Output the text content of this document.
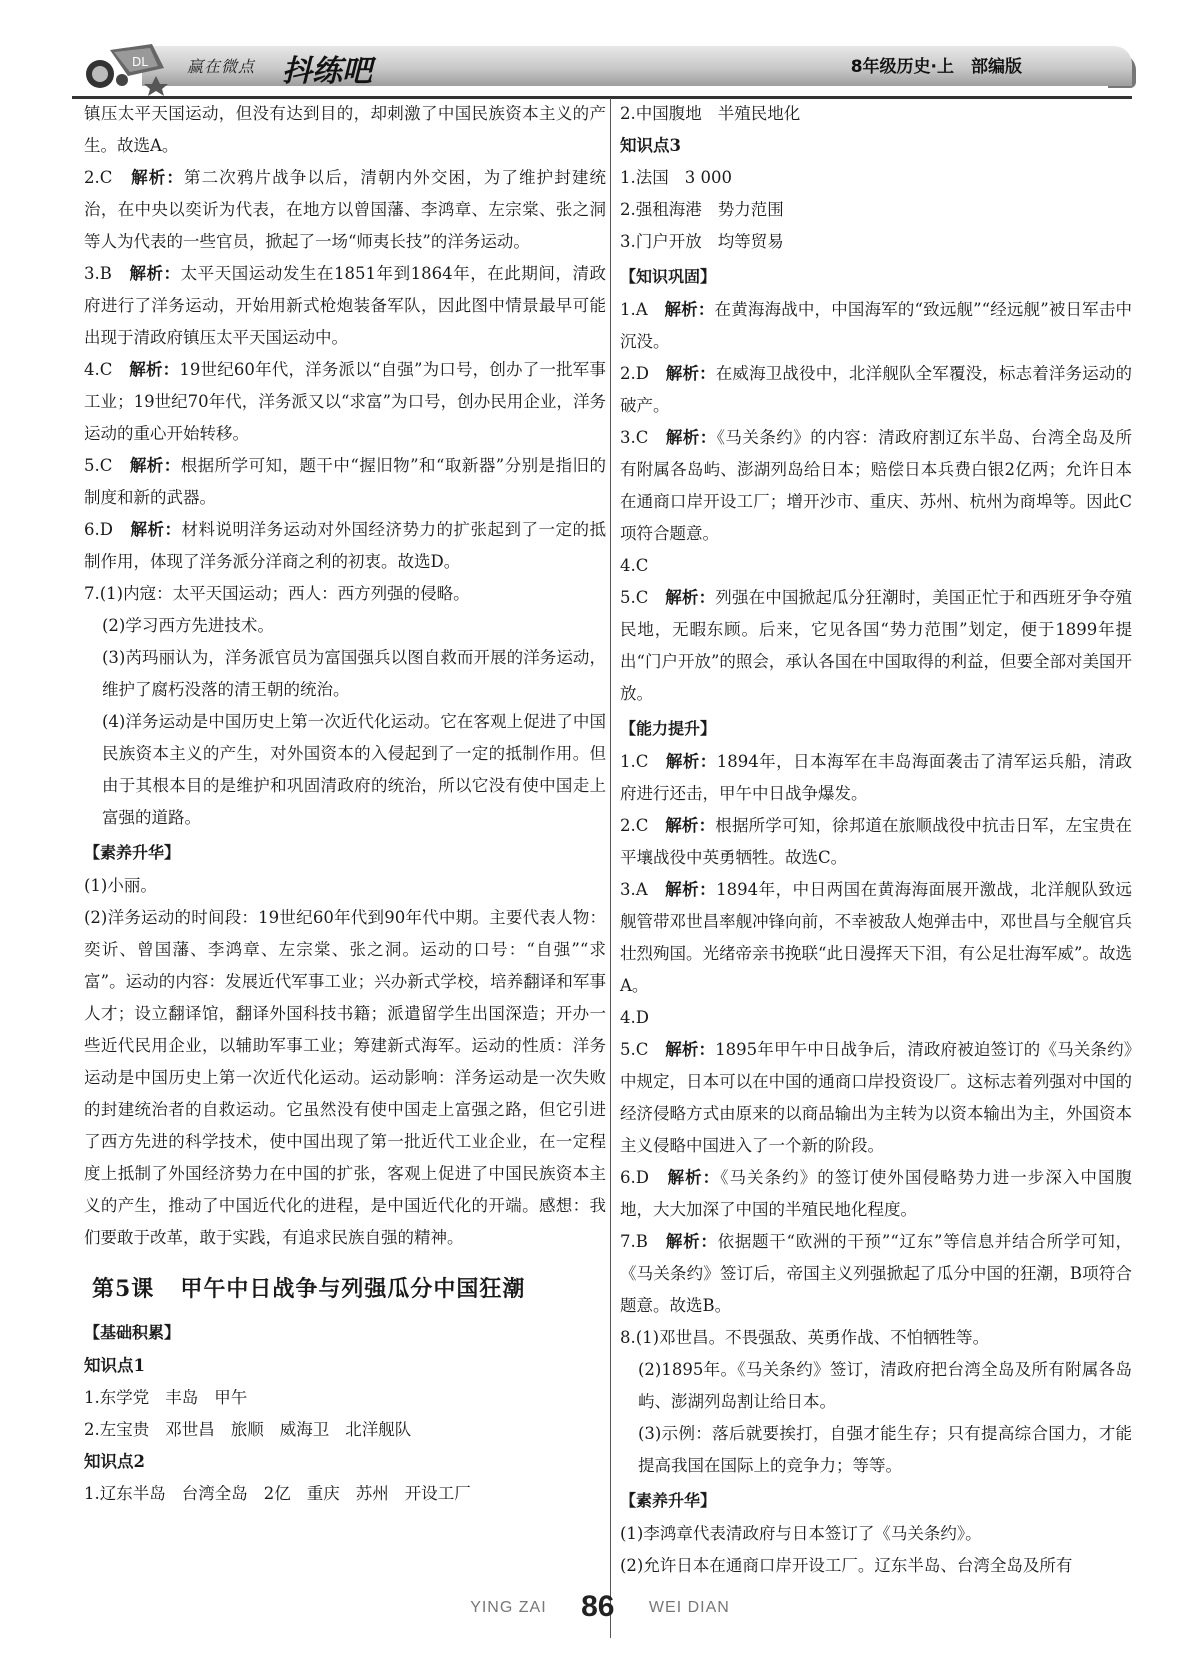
DL 赢在微点 抖练吧	8年级历史·上　部编版

镇压太平天国运动，但没有达到目的，却刺激了中国民族资本主义的产生。故选A。

2.C　 解析：第二次鸦片战争以后，清朝内外交困，为了维护封建统治，在中央以奕䜣为代表，在地方以曾国藩、李鸿章、左宗棠、张之洞等人为代表的一些官员，掀起了一场“师夷长技”的洋务运动。

3.B　 解析：太平天国运动发生在1851年到1864年，在此期间，清政府进行了洋务运动，开始用新式枪炮装备军队，因此图中情景最早可能出现于清政府镇压太平天国运动中。

4.C　 解析：19世纪60年代，洋务派以“自强”为口号，创办了一批军事工业；19世纪70年代，洋务派又以“求富”为口号，创办民用企业，洋务运动的重心开始转移。

5.C　 解析：根据所学可知，题干中“握旧物”和“取新器”分别是指旧的制度和新的武器。

6.D　 解析：材料说明洋务运动对外国经济势力的扩张起到了一定的抵制作用，体现了洋务派分洋商之利的初衷。故选D。

7.(1)内寇：太平天国运动；西人：西方列强的侵略。

(2)学习西方先进技术。

(3)芮玛丽认为，洋务派官员为富国强兵以图自救而开展的洋务运动，维护了腐朽没落的清王朝的统治。

(4)洋务运动是中国历史上第一次近代化运动。它在客观上促进了中国民族资本主义的产生，对外国资本的入侵起到了一定的抵制作用。但由于其根本目的是维护和巩固清政府的统治，所以它没有使中国走上富强的道路。

【素养升华】

(1)小丽。

(2)洋务运动的时间段：19世纪60年代到90年代中期。主要代表人物：奕䜣、曾国藩、李鸿章、左宗棠、张之洞。运动的口号：“自强”“求富”。运动的内容：发展近代军事工业；兴办新式学校，培养翻译和军事人才；设立翻译馆，翻译外国科技书籍；派遣留学生出国深造；开办一些近代民用企业，以辅助军事工业；筹建新式海军。运动的性质：洋务运动是中国历史上第一次近代化运动。运动影响：洋务运动是一次失败的封建统治者的自救运动。它虽然没有使中国走上富强之路，但它引进了西方先进的科学技术，使中国出现了第一批近代工业企业，在一定程度上抵制了外国经济势力在中国的扩张，客观上促进了中国民族资本主义的产生，推动了中国近代化的进程，是中国近代化的开端。感想：我们要敢于改革，敢于实践，有追求民族自强的精神。

第5课 甲午中日战争与列强瓜分中国狂潮
【基础积累】

知识点1

1.东学党 丰岛 甲午

2.左宝贵 邓世昌 旅顺 威海卫 北洋舰队

知识点2

1.辽东半岛 台湾全岛 2亿 重庆 苏州 开设工厂

2.中国腹地 半殖民地化

知识点3

1.法国 3 000

2.强租海港 势力范围

3.门户开放 均等贸易

【知识巩固】

1.A　 解析：在黄海海战中，中国海军的“致远舰”“经远舰”被日军击中沉没。

2.D　 解析：在威海卫战役中，北洋舰队全军覆没，标志着洋务运动的破产。

3.C　 解析：《马关条约》的内容：清政府割辽东半岛、台湾全岛及所有附属各岛屿、澎湖列岛给日本；赔偿日本兵费白银2亿两；允许日本在通商口岸开设工厂；增开沙市、重庆、苏州、杭州为商埠等。因此C项符合题意。

4.C

5.C　 解析：列强在中国掀起瓜分狂潮时，美国正忙于和西班牙争夺殖民地，无暇东顾。后来，它见各国“势力范围”划定，便于1899年提出“门户开放”的照会，承认各国在中国取得的利益，但要全部对美国开放。

【能力提升】

1.C　 解析：1894年，日本海军在丰岛海面袭击了清军运兵船，清政府进行还击，甲午中日战争爆发。

2.C　 解析：根据所学可知，徐邦道在旅顺战役中抗击日军，左宝贵在平壤战役中英勇牺牲。故选C。

3.A　 解析：1894年，中日两国在黄海海面展开激战，北洋舰队致远舰管带邓世昌率舰冲锋向前，不幸被敌人炮弹击中，邓世昌与全舰官兵壮烈殉国。光绪帝亲书挽联“此日漫挥天下泪，有公足壮海军威”。故选A。

4.D

5.C　 解析：1895年甲午中日战争后，清政府被迫签订的《马关条约》中规定，日本可以在中国的通商口岸投资设厂。这标志着列强对中国的经济侵略方式由原来的以商品输出为主转为以资本输出为主，外国资本主义侵略中国进入了一个新的阶段。

6.D　 解析：《马关条约》的签订使外国侵略势力进一步深入中国腹地，大大加深了中国的半殖民地化程度。

7.B　 解析：依据题干“欧洲的干预”“辽东”等信息并结合所学可知，《马关条约》签订后，帝国主义列强掀起了瓜分中国的狂潮，B项符合题意。故选B。

8.(1)邓世昌。不畏强敌、英勇作战、不怕牺牲等。

(2)1895年。《马关条约》签订，清政府把台湾全岛及所有附属各岛屿、澎湖列岛割让给日本。

(3)示例：落后就要挨打，自强才能生存；只有提高综合国力，才能提高我国在国际上的竞争力；等等。

【素养升华】

(1)李鸿章代表清政府与日本签订了《马关条约》。

(2)允许日本在通商口岸开设工厂。辽东半岛、台湾全岛及所有

YING ZAI 86 WEI DIAN
